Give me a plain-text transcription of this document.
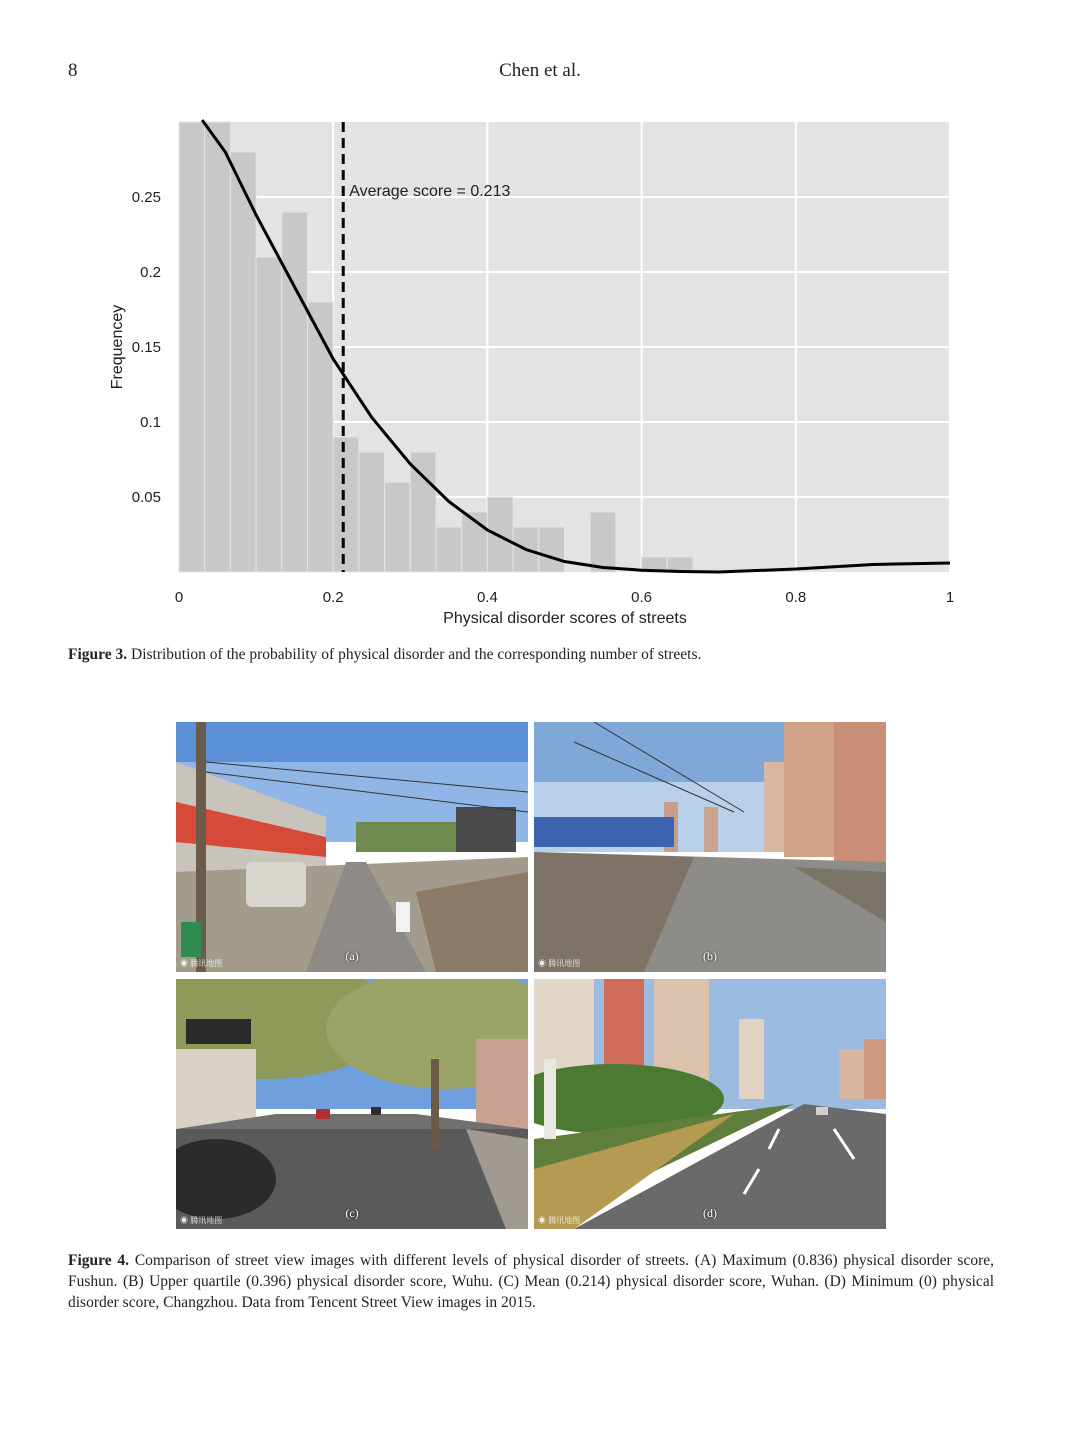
8	Chen et al.
Average score = 0.213
0	0.2	0.4	0.6	0.8	1
0.05
0.1
0.15
0.2
0.25
Physical disorder scores of streets
Frequencey
Figure 3. Distribution of the probability of physical disorder and the corresponding number of streets.
(a)
◉ 腾讯地图
(b)
◉ 腾讯地图
(c)
◉ 腾讯地图
(d)
◉ 腾讯地图
Figure 4. Comparison of street view images with different levels of physical disorder of streets. (A) Maximum (0.836) physical disorder score, Fushun. (B) Upper quartile (0.396) physical disorder score, Wuhu. (C) Mean (0.214) physical disorder score, Wuhan. (D) Minimum (0) physical disorder score, Changzhou. Data from Tencent Street View images in 2015.
